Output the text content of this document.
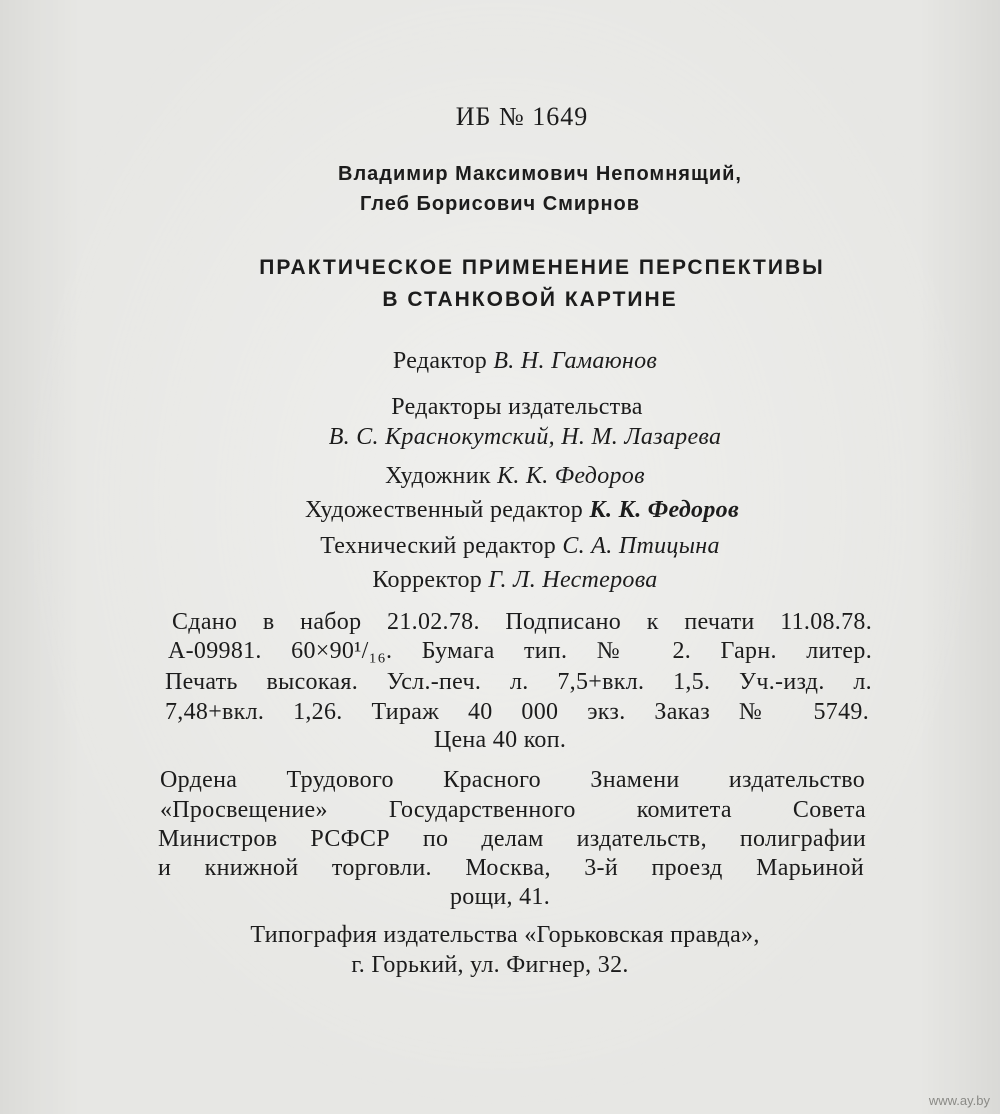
ИБ № 1649
Владимир Максимович Непомнящий,
Глеб Борисович Смирнов
ПРАКТИЧЕСКОЕ ПРИМЕНЕНИЕ ПЕРСПЕКТИВЫ
В СТАНКОВОЙ КАРТИНЕ
Редактор В. Н. Гамаюнов
Редакторы издательства
В. С. Краснокутский, Н. М. Лазарева
Художник К. К. Федоров
Художественный редактор К. К. Федоров
Технический редактор С. А. Птицына
Корректор Г. Л. Нестерова
Сдано в набор 21.02.78. Подписано к печати 11.08.78.
А-09981. 60×90¹/₁₆. Бумага тип. № 2. Гарн. литер.
Печать высокая. Усл.-печ. л. 7,5+вкл. 1,5. Уч.-изд. л.
7,48+вкл. 1,26. Тираж 40 000 экз. Заказ № 5749.
Цена 40 коп.
Ордена Трудового Красного Знамени издательство
«Просвещение» Государственного комитета Совета
Министров РСФСР по делам издательств, полиграфии
и книжной торговли. Москва, 3-й проезд Марьиной
рощи, 41.
Типография издательства «Горьковская правда»,
г. Горький, ул. Фигнер, 32.
www.ay.by
